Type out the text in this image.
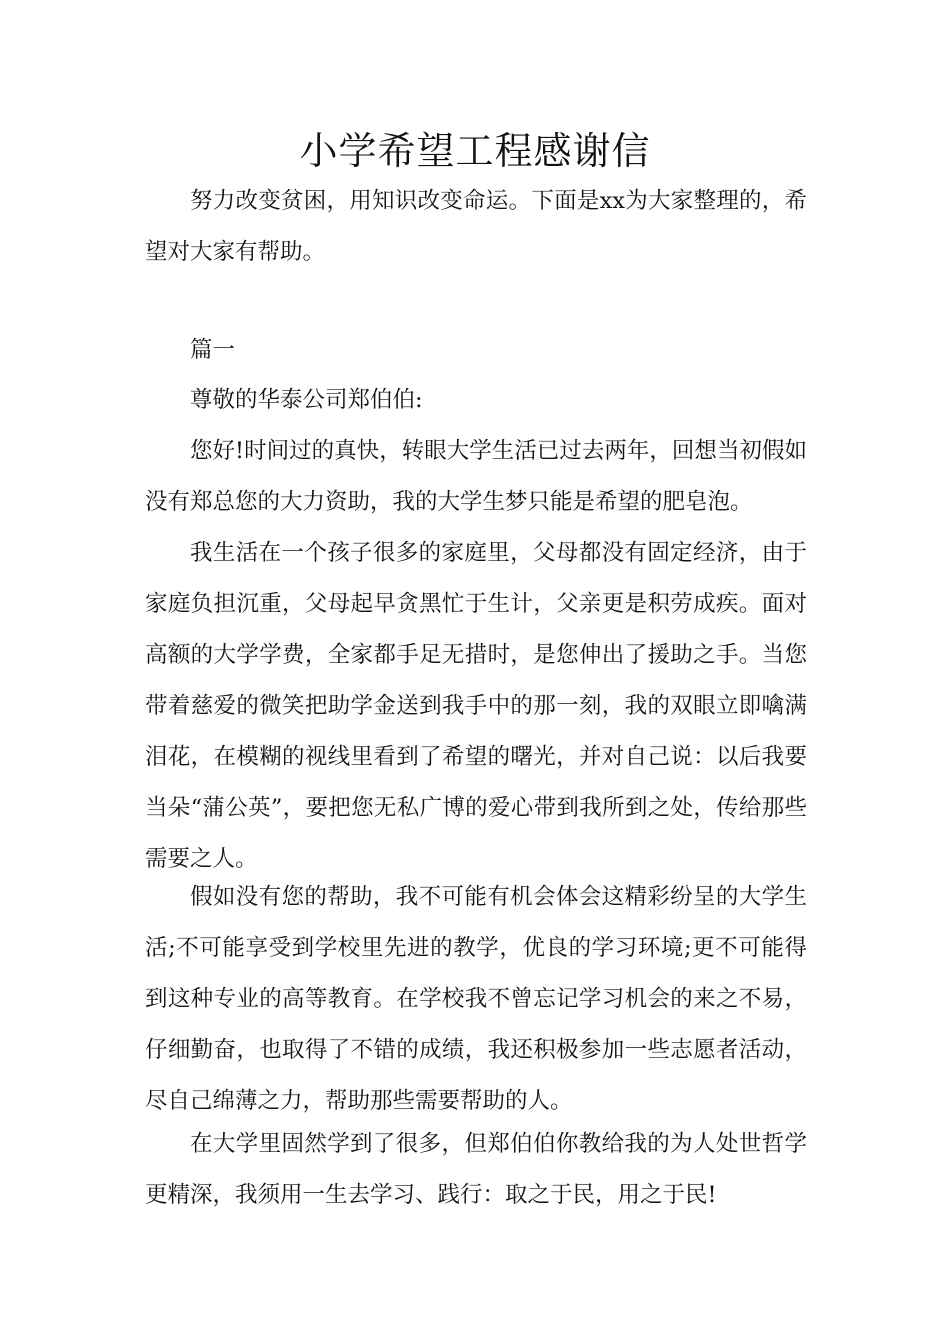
小学希望工程感谢信

努力改变贫困，用知识改变命运。下面是xx为大家整理的，希望对大家有帮助。

篇一

尊敬的华泰公司郑伯伯:

您好!时间过的真快，转眼大学生活已过去两年，回想当初假如没有郑总您的大力资助，我的大学生梦只能是希望的肥皂泡。

我生活在一个孩子很多的家庭里，父母都没有固定经济，由于家庭负担沉重，父母起早贪黑忙于生计，父亲更是积劳成疾。面对高额的大学学费，全家都手足无措时，是您伸出了援助之手。当您带着慈爱的微笑把助学金送到我手中的那一刻，我的双眼立即噙满泪花，在模糊的视线里看到了希望的曙光，并对自己说：以后我要当朵“蒲公英”，要把您无私广博的爱心带到我所到之处，传给那些需要之人。

假如没有您的帮助，我不可能有机会体会这精彩纷呈的大学生活;不可能享受到学校里先进的教学，优良的学习环境;更不可能得到这种专业的高等教育。在学校我不曾忘记学习机会的来之不易，仔细勤奋，也取得了不错的成绩，我还积极参加一些志愿者活动，尽自己绵薄之力，帮助那些需要帮助的人。

在大学里固然学到了很多，但郑伯伯你教给我的为人处世哲学更精深，我须用一生去学习、践行：取之于民，用之于民!
